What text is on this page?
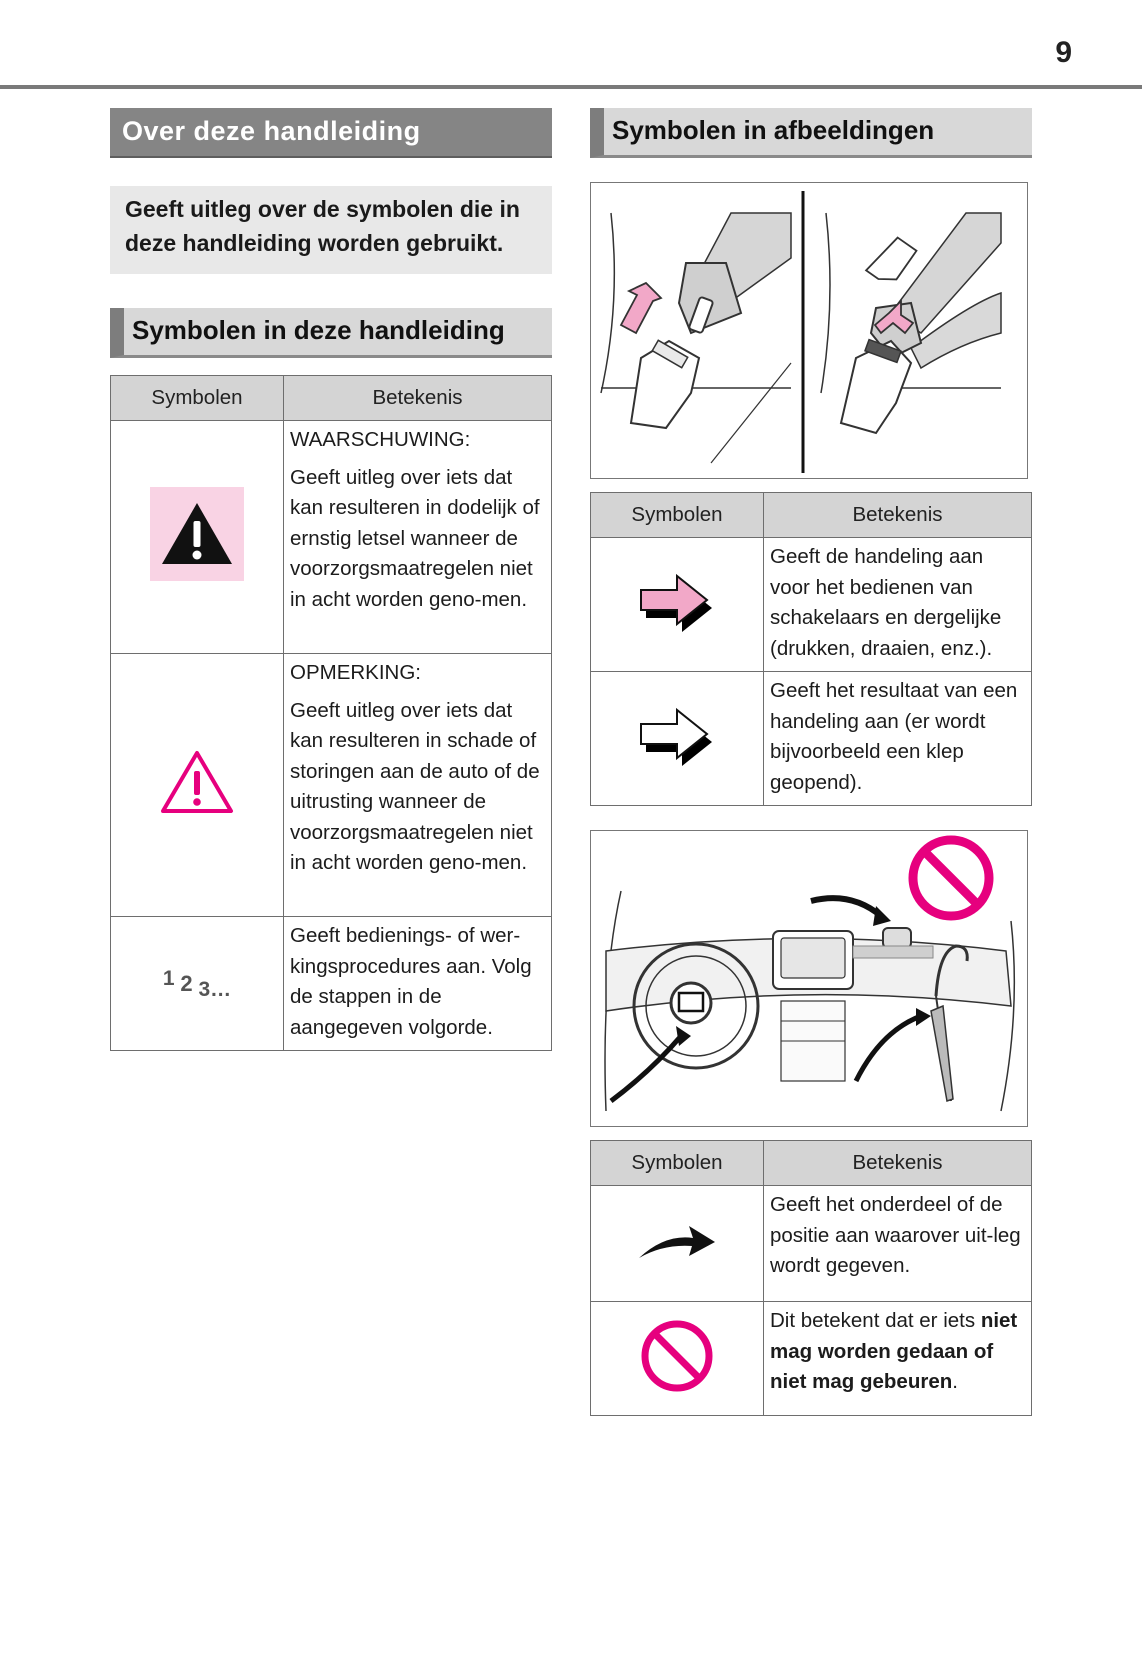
9
Over deze handleiding
Geeft uitleg over de symbolen die in deze handleiding worden gebruikt.
Symbolen in deze handleiding
Symbolen	Betekenis

WAARSCHUWING:
Geeft uitleg over iets dat kan resulteren in dodelijk of ernstig letsel wanneer de voorzorgsmaatregelen niet in acht worden geno-men.

OPMERKING:
Geeft uitleg over iets dat kan resulteren in schade of storingen aan de auto of de uitrusting wanneer de voorzorgsmaatregelen niet in acht worden geno-men.
1 2 3…	Geeft bedienings- of wer-kingsprocedures aan. Volg de stappen in de aangegeven volgorde.
Symbolen in afbeeldingen
Symbolen	Betekenis
	Geeft de handeling aan voor het bedienen van schakelaars en dergelijke (drukken, draaien, enz.).
	Geeft het resultaat van een handeling aan (er wordt bijvoorbeeld een klep geopend).
Symbolen	Betekenis
	Geeft het onderdeel of de positie aan waarover uit-leg wordt gegeven.
	Dit betekent dat er iets niet mag worden gedaan of niet mag gebeuren.
